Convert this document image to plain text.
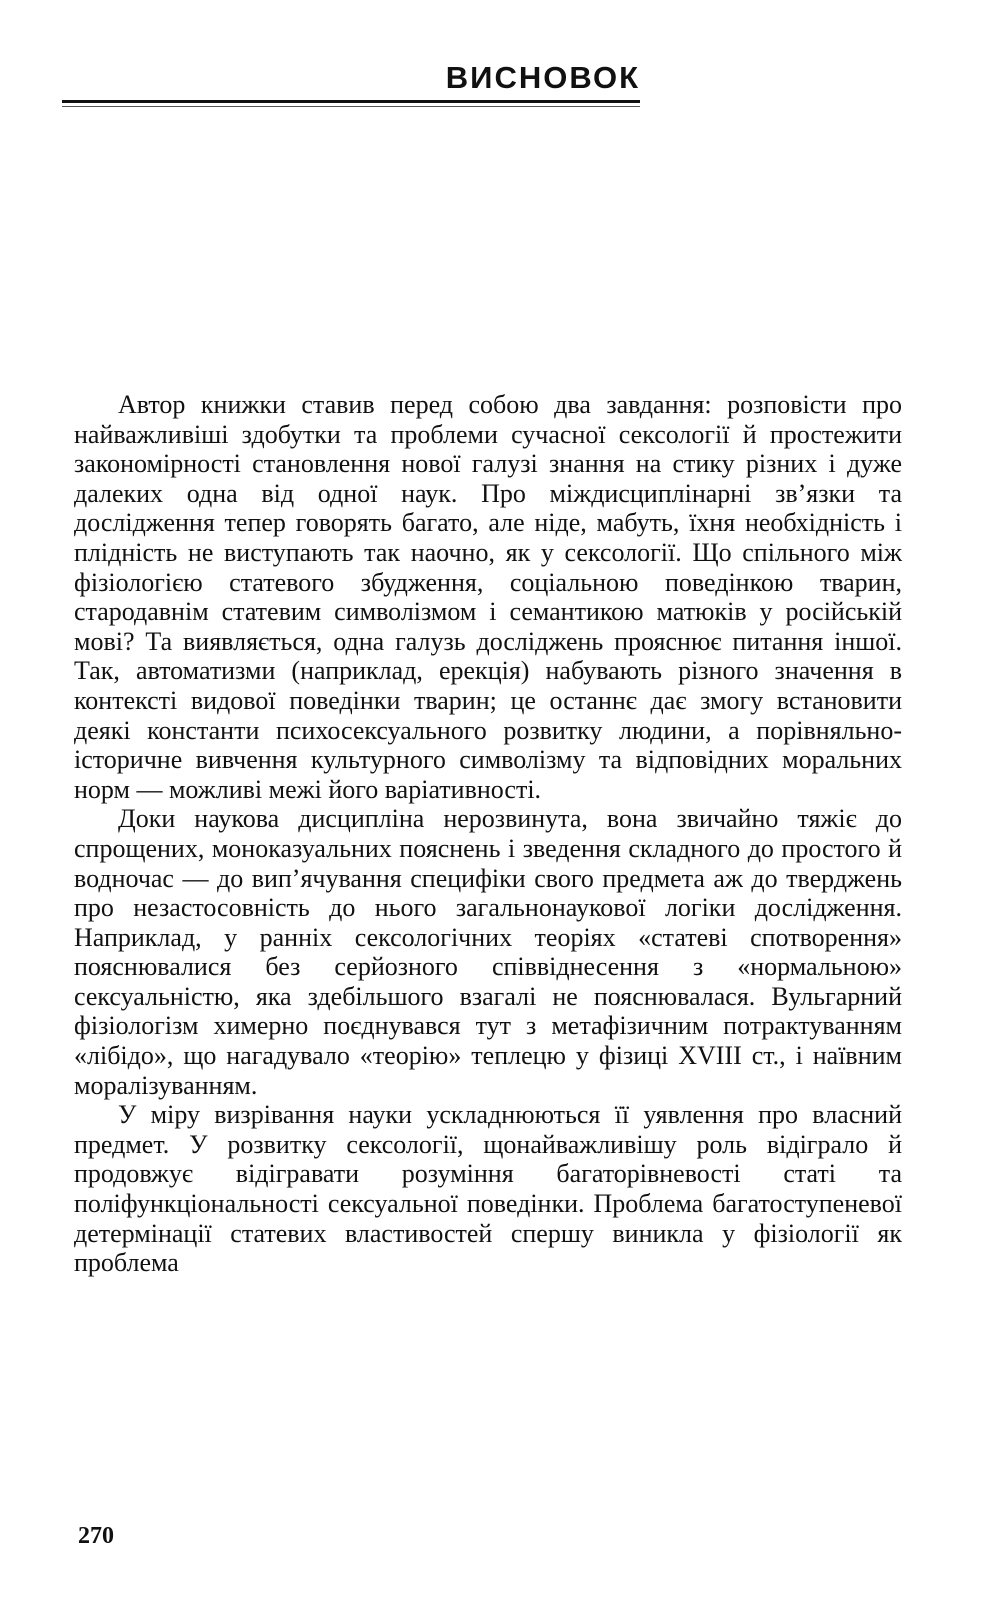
ВИСНОВОК

Автор книжки ставив перед собою два завдання: розповісти про найважливіші здобутки та проблеми сучасної сексології й простежити закономірності становлення нової галузі знання на стику різних і дуже далеких одна від одної наук. Про міждисциплінарні зв’язки та дослідження тепер говорять багато, але ніде, мабуть, їхня необхідність і плідність не виступають так наочно, як у сексології. Що спільного між фізіологією статевого збудження, соціальною поведінкою тварин, стародавнім статевим символізмом і семантикою матюків у російській мові? Та виявляється, одна галузь досліджень прояснює питання іншої. Так, автоматизми (наприклад, ерекція) набувають різного значення в контексті видової поведінки тварин; це останнє дає змогу встановити деякі константи психосексуального розвитку людини, а порівняльно-історичне вивчення культурного символізму та відповідних моральних норм — можливі межі його варіативності.

Доки наукова дисципліна нерозвинута, вона звичайно тяжіє до спрощених, моноказуальних пояснень і зведення складного до простого й водночас — до вип’ячування специфіки свого предмета аж до тверджень про незастосовність до нього загальнонаукової логіки дослідження. Наприклад, у ранніх сексологічних теоріях «статеві спотворення» пояснювалися без серйозного співвіднесення з «нормальною» сексуальністю, яка здебільшого взагалі не пояснювалася. Вульгарний фізіологізм химерно поєднувався тут з метафізичним потрактуванням «лібідо», що нагадувало «теорію» теплецю у фізиці XVIII ст., і наївним моралізуванням.

У міру визрівання науки ускладнюються її уявлення про власний предмет. У розвитку сексології, щонайважливішу роль відіграло й продовжує відігравати розуміння багаторівневості статі та поліфункціональності сексуальної поведінки. Проблема багатоступеневої детермінації статевих властивостей спершу виникла у фізіології як проблема

270
